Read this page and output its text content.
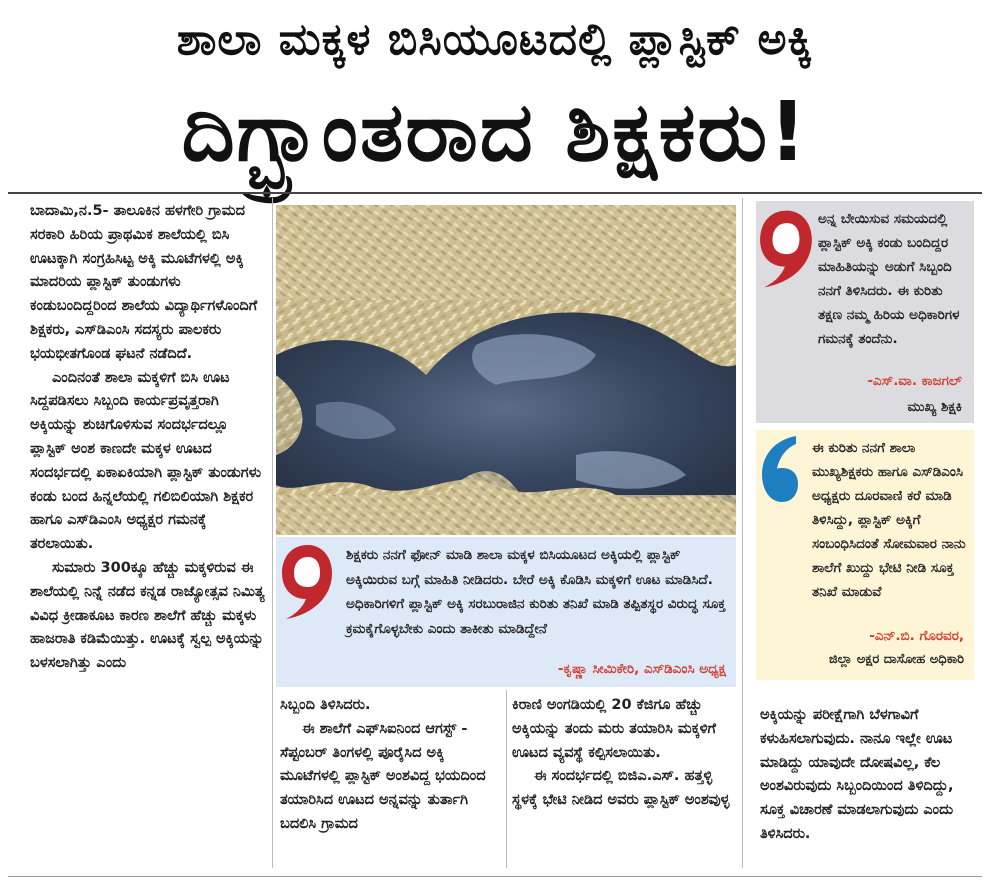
ಶಾಲಾ ಮಕ್ಕಳ ಬಿಸಿಯೂಟದಲ್ಲಿ ಪ್ಲಾಸ್ಟಿಕ್ ಅಕ್ಕಿ
ದಿಗ್ಭ್ರಾಂತರಾದ ಶಿಕ್ಷಕರು!

ಬಾದಾಮಿ,ನ.5- ತಾಲೂಕಿನ ಹಳಗೇರಿ ಗ್ರಾಮದ ಸರಕಾರಿ ಹಿರಿಯ ಪ್ರಾಥಮಿಕ ಶಾಲೆಯಲ್ಲಿ ಬಿಸಿ ಊಟಕ್ಕಾಗಿ ಸಂಗ್ರಹಿಸಿಟ್ಟ ಅಕ್ಕಿ ಮೂಟೆಗಳಲ್ಲಿ ಅಕ್ಕಿ ಮಾದರಿಯ ಪ್ಲಾಸ್ಟಿಕ್ ತುಂಡುಗಳು ಕಂಡುಬಂದಿದ್ದರಿಂದ ಶಾಲೆಯ ವಿದ್ಯಾರ್ಥಿಗಳೊಂದಿಗೆ ಶಿಕ್ಷಕರು, ಎಸ್‌ಡಿಎಂಸಿ ಸದಸ್ಯರು ಪಾಲಕರು ಭಯಭೀತಗೊಂಡ ಘಟನೆ ನಡೆದಿದೆ.

ಎಂದಿನಂತೆ ಶಾಲಾ ಮಕ್ಕಳಿಗೆ ಬಿಸಿ ಊಟ ಸಿದ್ದಪಡಿಸಲು ಸಿಬ್ಬಂದಿ ಕಾರ್ಯಪ್ರವೃತ್ತರಾಗಿ ಅಕ್ಕಿಯನ್ನು ಶುಚಿಗೊಳಿಸುವ ಸಂದರ್ಭದಲ್ಲೂ ಪ್ಲಾಸ್ಟಿಕ್ ಅಂಶ ಕಾಣದೇ ಮಕ್ಕಳ ಊಟದ ಸಂದರ್ಭದಲ್ಲಿ ಏಕಾಏಕಿಯಾಗಿ ಪ್ಲಾಸ್ಟಿಕ್ ತುಂಡುಗಳು ಕಂಡು ಬಂದ ಹಿನ್ನಲೆಯಲ್ಲಿ ಗಲಿಬಿಲಿಯಾಗಿ ಶಿಕ್ಷಕರ ಹಾಗೂ ಎಸ್‌ಡಿಎಂಸಿ ಅಧ್ಯಕ್ಷರ ಗಮನಕ್ಕೆ ತರಲಾಯಿತು.

ಸುಮಾರು 300ಕ್ಕೂ ಹೆಚ್ಚು ಮಕ್ಕಳಿರುವ ಈ ಶಾಲೆಯಲ್ಲಿ ನಿನ್ನೆ ನಡೆದ ಕನ್ನಡ ರಾಜ್ಯೋತ್ಸವ ನಿಮಿತ್ಯ ವಿವಿಧ ಕ್ರೀಡಾಕೂಟ ಕಾರಣ ಶಾಲೆಗೆ ಹೆಚ್ಚು ಮಕ್ಕಳು ಹಾಜರಾತಿ ಕಡಿಮೆಯಿತ್ತು. ಊಟಕ್ಕೆ ಸ್ವಲ್ಪ ಅಕ್ಕಿಯನ್ನು ಬಳಸಲಾಗಿತ್ತು ಎಂದು

ಶಿಕ್ಷಕರು ನನಗೆ ಫೋನ್ ಮಾಡಿ ಶಾಲಾ ಮಕ್ಕಳ ಬಿಸಿಯೂಟದ ಅಕ್ಕಿಯಲ್ಲಿ ಪ್ಲಾಸ್ಟಿಕ್ ಅಕ್ಕಿಯಿರುವ ಬಗ್ಗೆ ಮಾಹಿತಿ ನೀಡಿದರು. ಬೇರೆ ಅಕ್ಕಿ ಕೊಡಿಸಿ ಮಕ್ಕಳಿಗೆ ಊಟ ಮಾಡಿಸಿದೆ. ಅಧಿಕಾರಿಗಳಿಗೆ ಪ್ಲಾಸ್ಟಿಕ್ ಅಕ್ಕಿ ಸರಬುರಾಜಿನ ಕುರಿತು ತನಿಖೆ ಮಾಡಿ ತಪ್ಪಿತಸ್ಥರ ವಿರುದ್ಧ ಸೂಕ್ತ ಕ್ರಮಕೈಗೊಳ್ಳಬೇಕು ಎಂದು ತಾಕೀತು ಮಾಡಿದ್ದೇನೆ
-ಕೃಷ್ಣಾ ಸೀಮಿಕೇರಿ, ಎಸ್‌ಡಿಎಂಸಿ ಅಧ್ಯಕ್ಷ

ಸಿಬ್ಬಂದಿ ತಿಳಿಸಿದರು.

ಈ ಶಾಲೆಗೆ ಎಫ್‌ಸಿಐನಿಂದ ಆಗಸ್ಟ್ - ಸೆಪ್ಟಂಬರ್ ತಿಂಗಳಲ್ಲಿ ಪೂರೈಸಿದ ಅಕ್ಕಿ ಮೂಟೆಗಳಲ್ಲಿ ಪ್ಲಾಸ್ಟಿಕ್ ಅಂಶವಿದ್ದ ಭಯದಿಂದ ತಯಾರಿಸಿದ ಊಟದ ಅನ್ನವನ್ನು ತುರ್ತಾಗಿ ಬದಲಿಸಿ ಗ್ರಾಮದ

ಕಿರಾಣಿ ಅಂಗಡಿಯಲ್ಲಿ 20 ಕೆಜಿಗೂ ಹೆಚ್ಚು ಅಕ್ಕಿಯನ್ನು ತಂದು ಮರು ತಯಾರಿಸಿ ಮಕ್ಕಳಿಗೆ ಊಟದ ವ್ಯವಸ್ಥೆ ಕಲ್ಪಿಸಲಾಯಿತು.

ಈ ಸಂದರ್ಭದಲ್ಲಿ ಬಿಜಿಎ.ಎಸ್. ಹತ್ತಳ್ಳಿ ಸ್ಥಳಕ್ಕೆ ಭೇಟಿ ನೀಡಿದ ಅವರು ಪ್ಲಾಸ್ಟಿಕ್ ಅಂಶವುಳ್ಳ

ಅನ್ನ ಬೇಯಿಸುವ ಸಮಯದಲ್ಲಿ ಪ್ಲಾಸ್ಟಿಕ್ ಅಕ್ಕಿ ಕಂಡು ಬಂದಿದ್ದರ ಮಾಹಿತಿಯನ್ನು ಅಡುಗೆ ಸಿಬ್ಬಂದಿ ನನಗೆ ತಿಳಿಸಿದರು. ಈ ಕುರಿತು ತಕ್ಷಣ ನಮ್ಮ ಹಿರಿಯ ಅಧಿಕಾರಿಗಳ ಗಮನಕ್ಕೆ ತಂದೆನು.
-ಎಸ್.ವಾ. ಕಾಜಗಲ್
ಮುಖ್ಯ ಶಿಕ್ಷಕಿ
ಈ ಕುರಿತು ನನಗೆ ಶಾಲಾ ಮುಖ್ಯಶಿಕ್ಷಕರು ಹಾಗೂ ಎಸ್‌ಡಿಎಂಸಿ ಅಧ್ಯಕ್ಷರು ದೂರವಾಣಿ ಕರೆ ಮಾಡಿ ತಿಳಿಸಿದ್ದು, ಪ್ಲಾಸ್ಟಿಕ್ ಅಕ್ಕಿಗೆ ಸಂಬಂಧಿಸಿದಂತೆ ಸೋಮವಾರ ನಾನು ಶಾಲೆಗೆ ಖುದ್ದು ಭೇಟಿ ನೀಡಿ ಸೂಕ್ತ ತನಿಖೆ ಮಾಡುವೆ
-ಎನ್.ಬಿ. ಗೊರವರ,
ಜಿಲ್ಲಾ ಅಕ್ಷರ ದಾಸೋಹ ಅಧಿಕಾರಿ

ಅಕ್ಕಿಯನ್ನು ಪರೀಕ್ಷೆಗಾಗಿ ಬೆಳಗಾವಿಗೆ ಕಳುಹಿಸಲಾಗುವುದು. ನಾನೂ ಇಲ್ಲೇ ಊಟ ಮಾಡಿದ್ದು ಯಾವುದೇ ದೋಷವಿಲ್ಲ, ಕೆಲ ಅಂಶವಿರುವುದು ಸಿಬ್ಬಂದಿಯಿಂದ ತಿಳಿದಿದ್ದು, ಸೂಕ್ತ ವಿಚಾರಣೆ ಮಾಡಲಾಗುವುದು ಎಂದು ತಿಳಿಸಿದರು.
